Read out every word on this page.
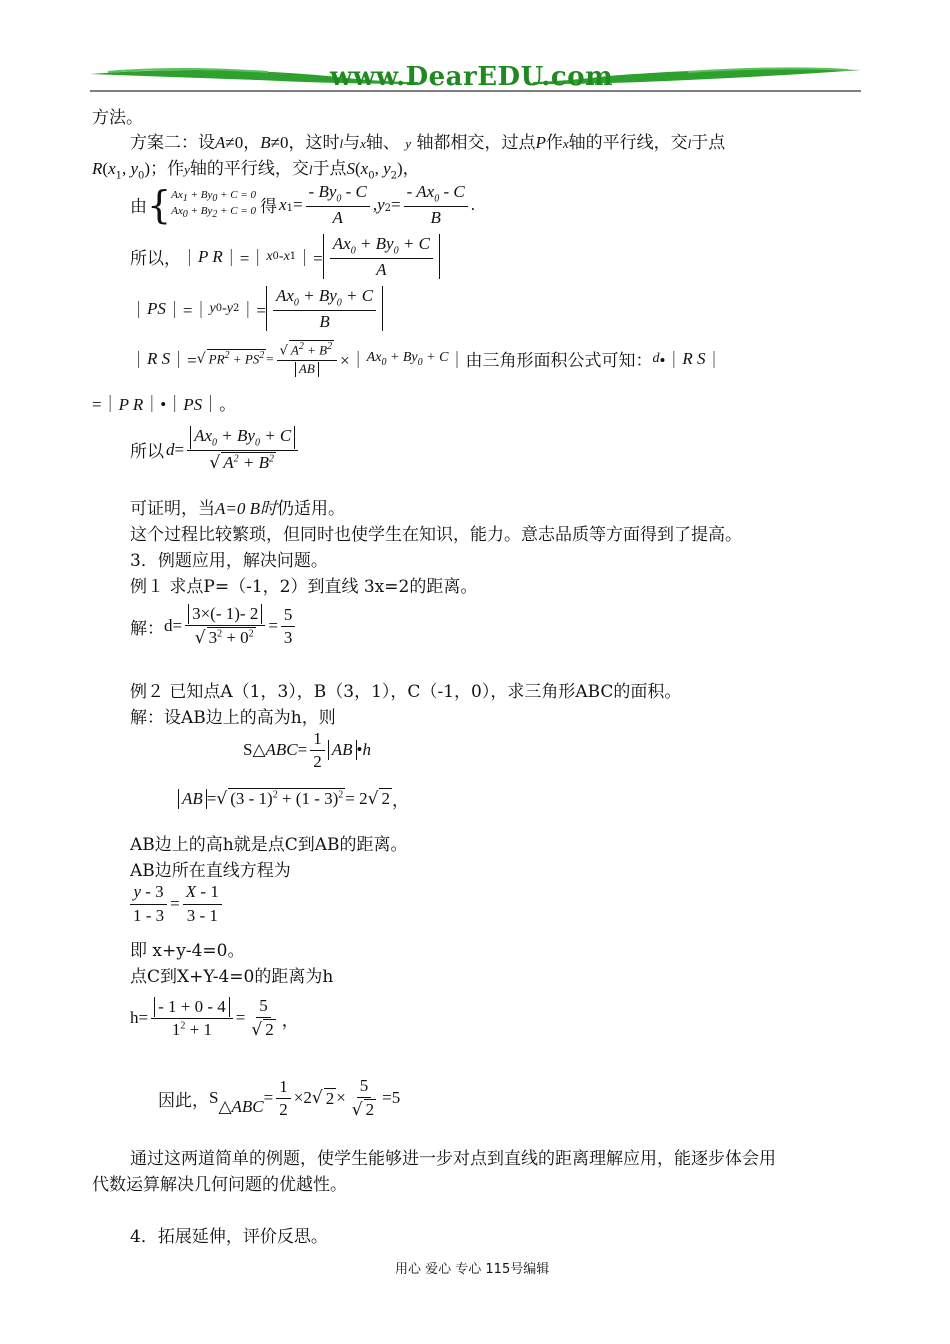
www.DearEDU.com
方法。
方案二：设A≠0，B≠0，这时l与x轴、 y 轴都相交，过点P作x轴的平行线，交l于点
$R(x_1$, $y_0$)；作y轴的平行线，交l于点$S(x_0$, $y_2$)，
由 { $Ax_1 + By_0 + C = 0$
$Ax_0 + By_2 + C = 0$ 得 $x_1 = \frac{- By_0 - C}{A}$ , $y_2 = \frac{- Ax_0 - C}{B}$ .
所以， ｜ P R ｜=｜ x 0 - x 1 ｜= $\frac{Ax_0 + By_0 + C}{A}$
｜ PS ｜=｜ y 0 - y 2 ｜= $\frac{Ax_0 + By_0 + C}{B}$
｜ R S ｜= √ $PR^2 + PS^2 = \frac{√ A^2 + B^2}{AB}$ ×｜ $Ax_0 + By_0 + C$ ｜ 由三角形面积公式可知： d •｜ R S ｜
=｜P R｜•｜PS｜。
所以 $d = \frac{Ax_0 + By_0 + C}{√ A^2 + B^2}$
可证明，当A=0 B时仍适用。
这个过程比较繁琐，但同时也使学生在知识，能力。意志品质等方面得到了提高。
3．例题应用，解决问题。
例１ 求点P=（-1，2）到直线 3x=2的距离。
解： $d= \frac{3\times(- 1)- 2}{√ 3^2 + 0^2} = \frac{5}{3}$
例２ 已知点A（1，3），B（3，1），C（-1，0），求三角形ABC的面积。
解：设AB边上的高为h，则
S △ABC = $\frac{1}{2}$ AB • h
AB = √ (3 - 1)$^2$ + (1 - 3)$^2$ = 2 √ 2 ，
AB边上的高h就是点C到AB的距离。
AB边所在直线方程为
$\frac{y - 3}{1 - 3} = \frac{X - 1}{3 - 1}$
即 x+y-4=0。
点C到X+Y-4=0的距离为h
$h= \frac{- 1 + 0 - 4}{1^2 + 1} = \frac{5}{√ 2}$ ，
因此， S △ABC = $\frac{1}{2} \times 2$ √ $2 \times \frac{5}{√ 2} =5$
通过这两道简单的例题，使学生能够进一步对点到直线的距离理解应用，能逐步体会用
代数运算解决几何问题的优越性。
4．拓展延伸，评价反思。
用心 爱心 专心 115号编辑
